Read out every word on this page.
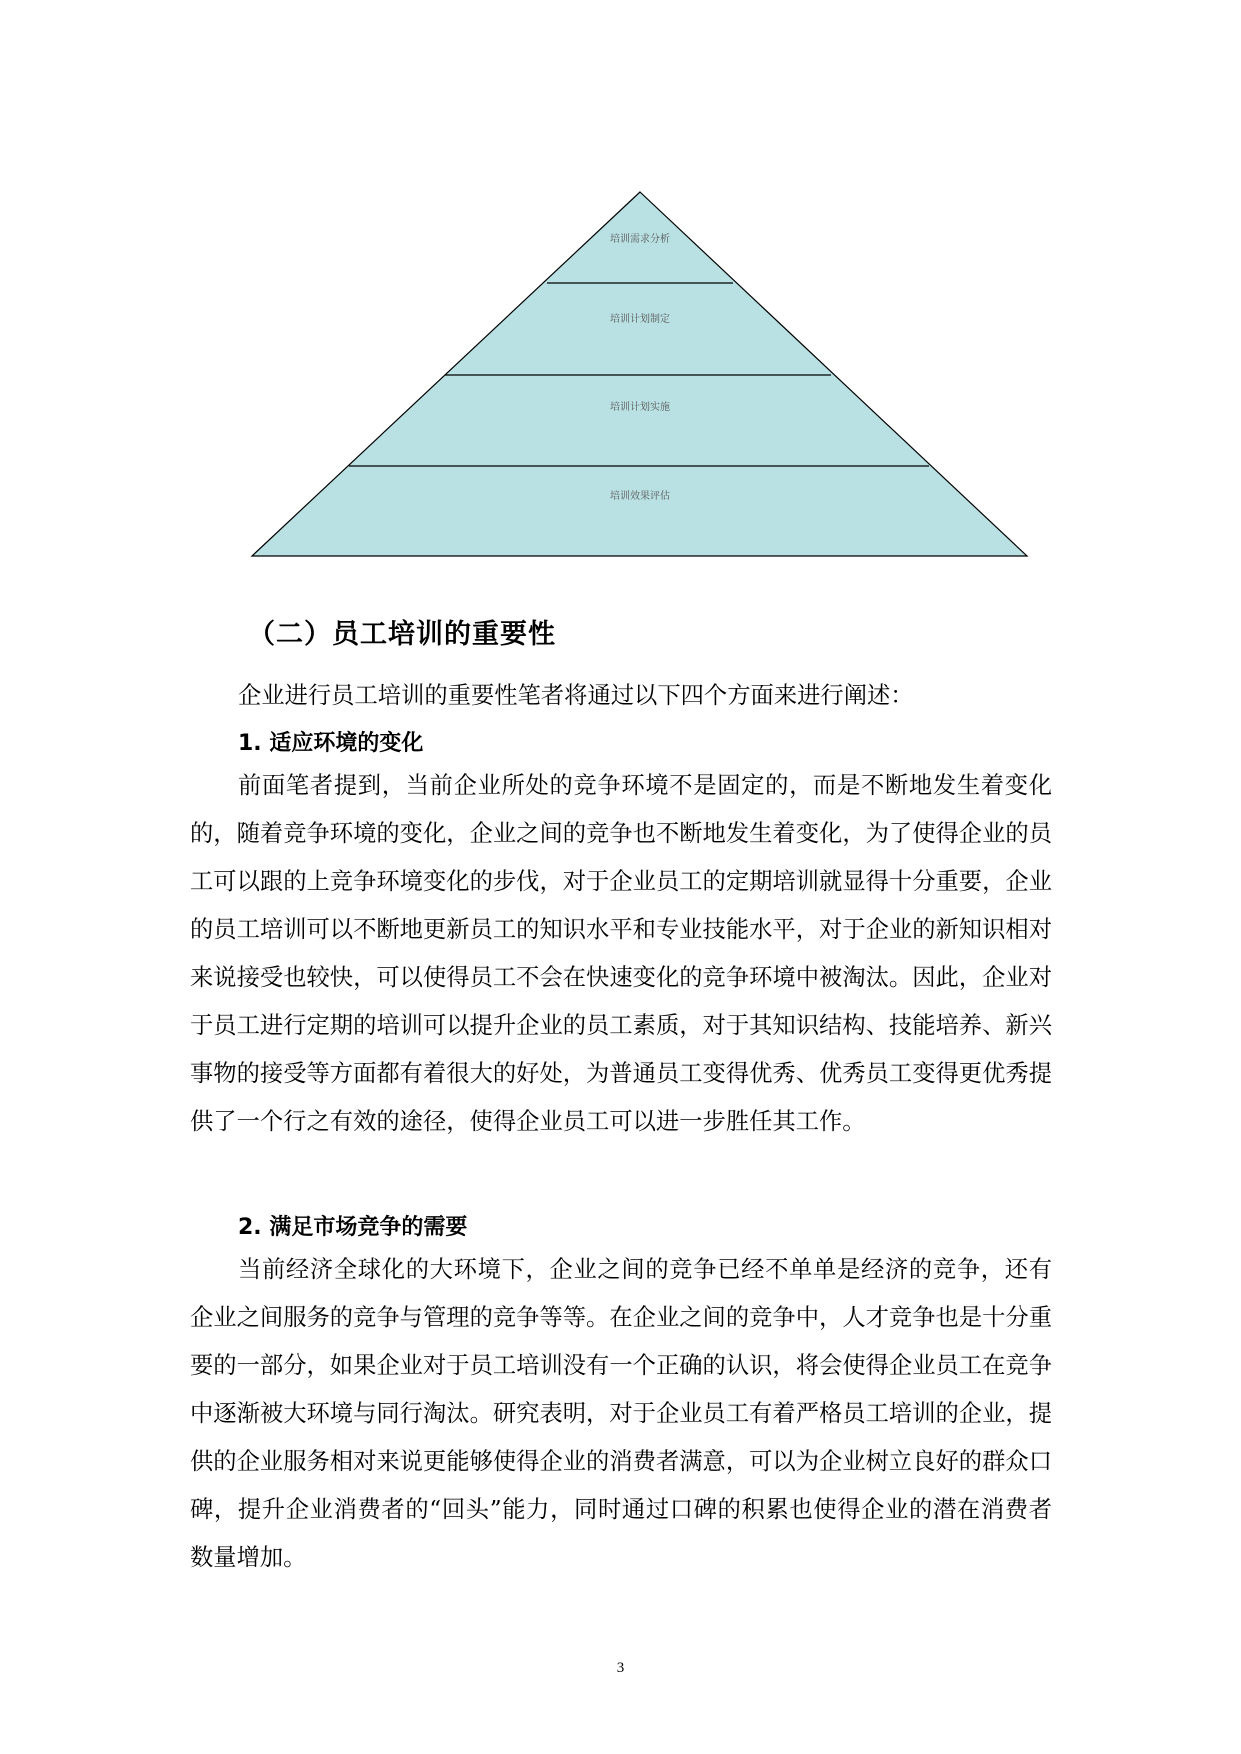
培训需求分析
培训计划制定
培训计划实施
培训效果评估
（二）员工培训的重要性
企业进行员工培训的重要性笔者将通过以下四个方面来进行阐述：
1. 适应环境的变化

前面笔者提到，当前企业所处的竞争环境不是固定的，而是不断地发生着变化的，随着竞争环境的变化，企业之间的竞争也不断地发生着变化，为了使得企业的员工可以跟的上竞争环境变化的步伐，对于企业员工的定期培训就显得十分重要，企业的员工培训可以不断地更新员工的知识水平和专业技能水平，对于企业的新知识相对来说接受也较快，可以使得员工不会在快速变化的竞争环境中被淘汰。因此，企业对于员工进行定期的培训可以提升企业的员工素质，对于其知识结构、技能培养、新兴事物的接受等方面都有着很大的好处，为普通员工变得优秀、优秀员工变得更优秀提供了一个行之有效的途径，使得企业员工可以进一步胜任其工作。

2. 满足市场竞争的需要

当前经济全球化的大环境下，企业之间的竞争已经不单单是经济的竞争，还有企业之间服务的竞争与管理的竞争等等。在企业之间的竞争中，人才竞争也是十分重要的一部分，如果企业对于员工培训没有一个正确的认识，将会使得企业员工在竞争中逐渐被大环境与同行淘汰。研究表明，对于企业员工有着严格员工培训的企业，提供的企业服务相对来说更能够使得企业的消费者满意，可以为企业树立良好的群众口碑，提升企业消费者的“回头”能力，同时通过口碑的积累也使得企业的潜在消费者数量增加。

3
